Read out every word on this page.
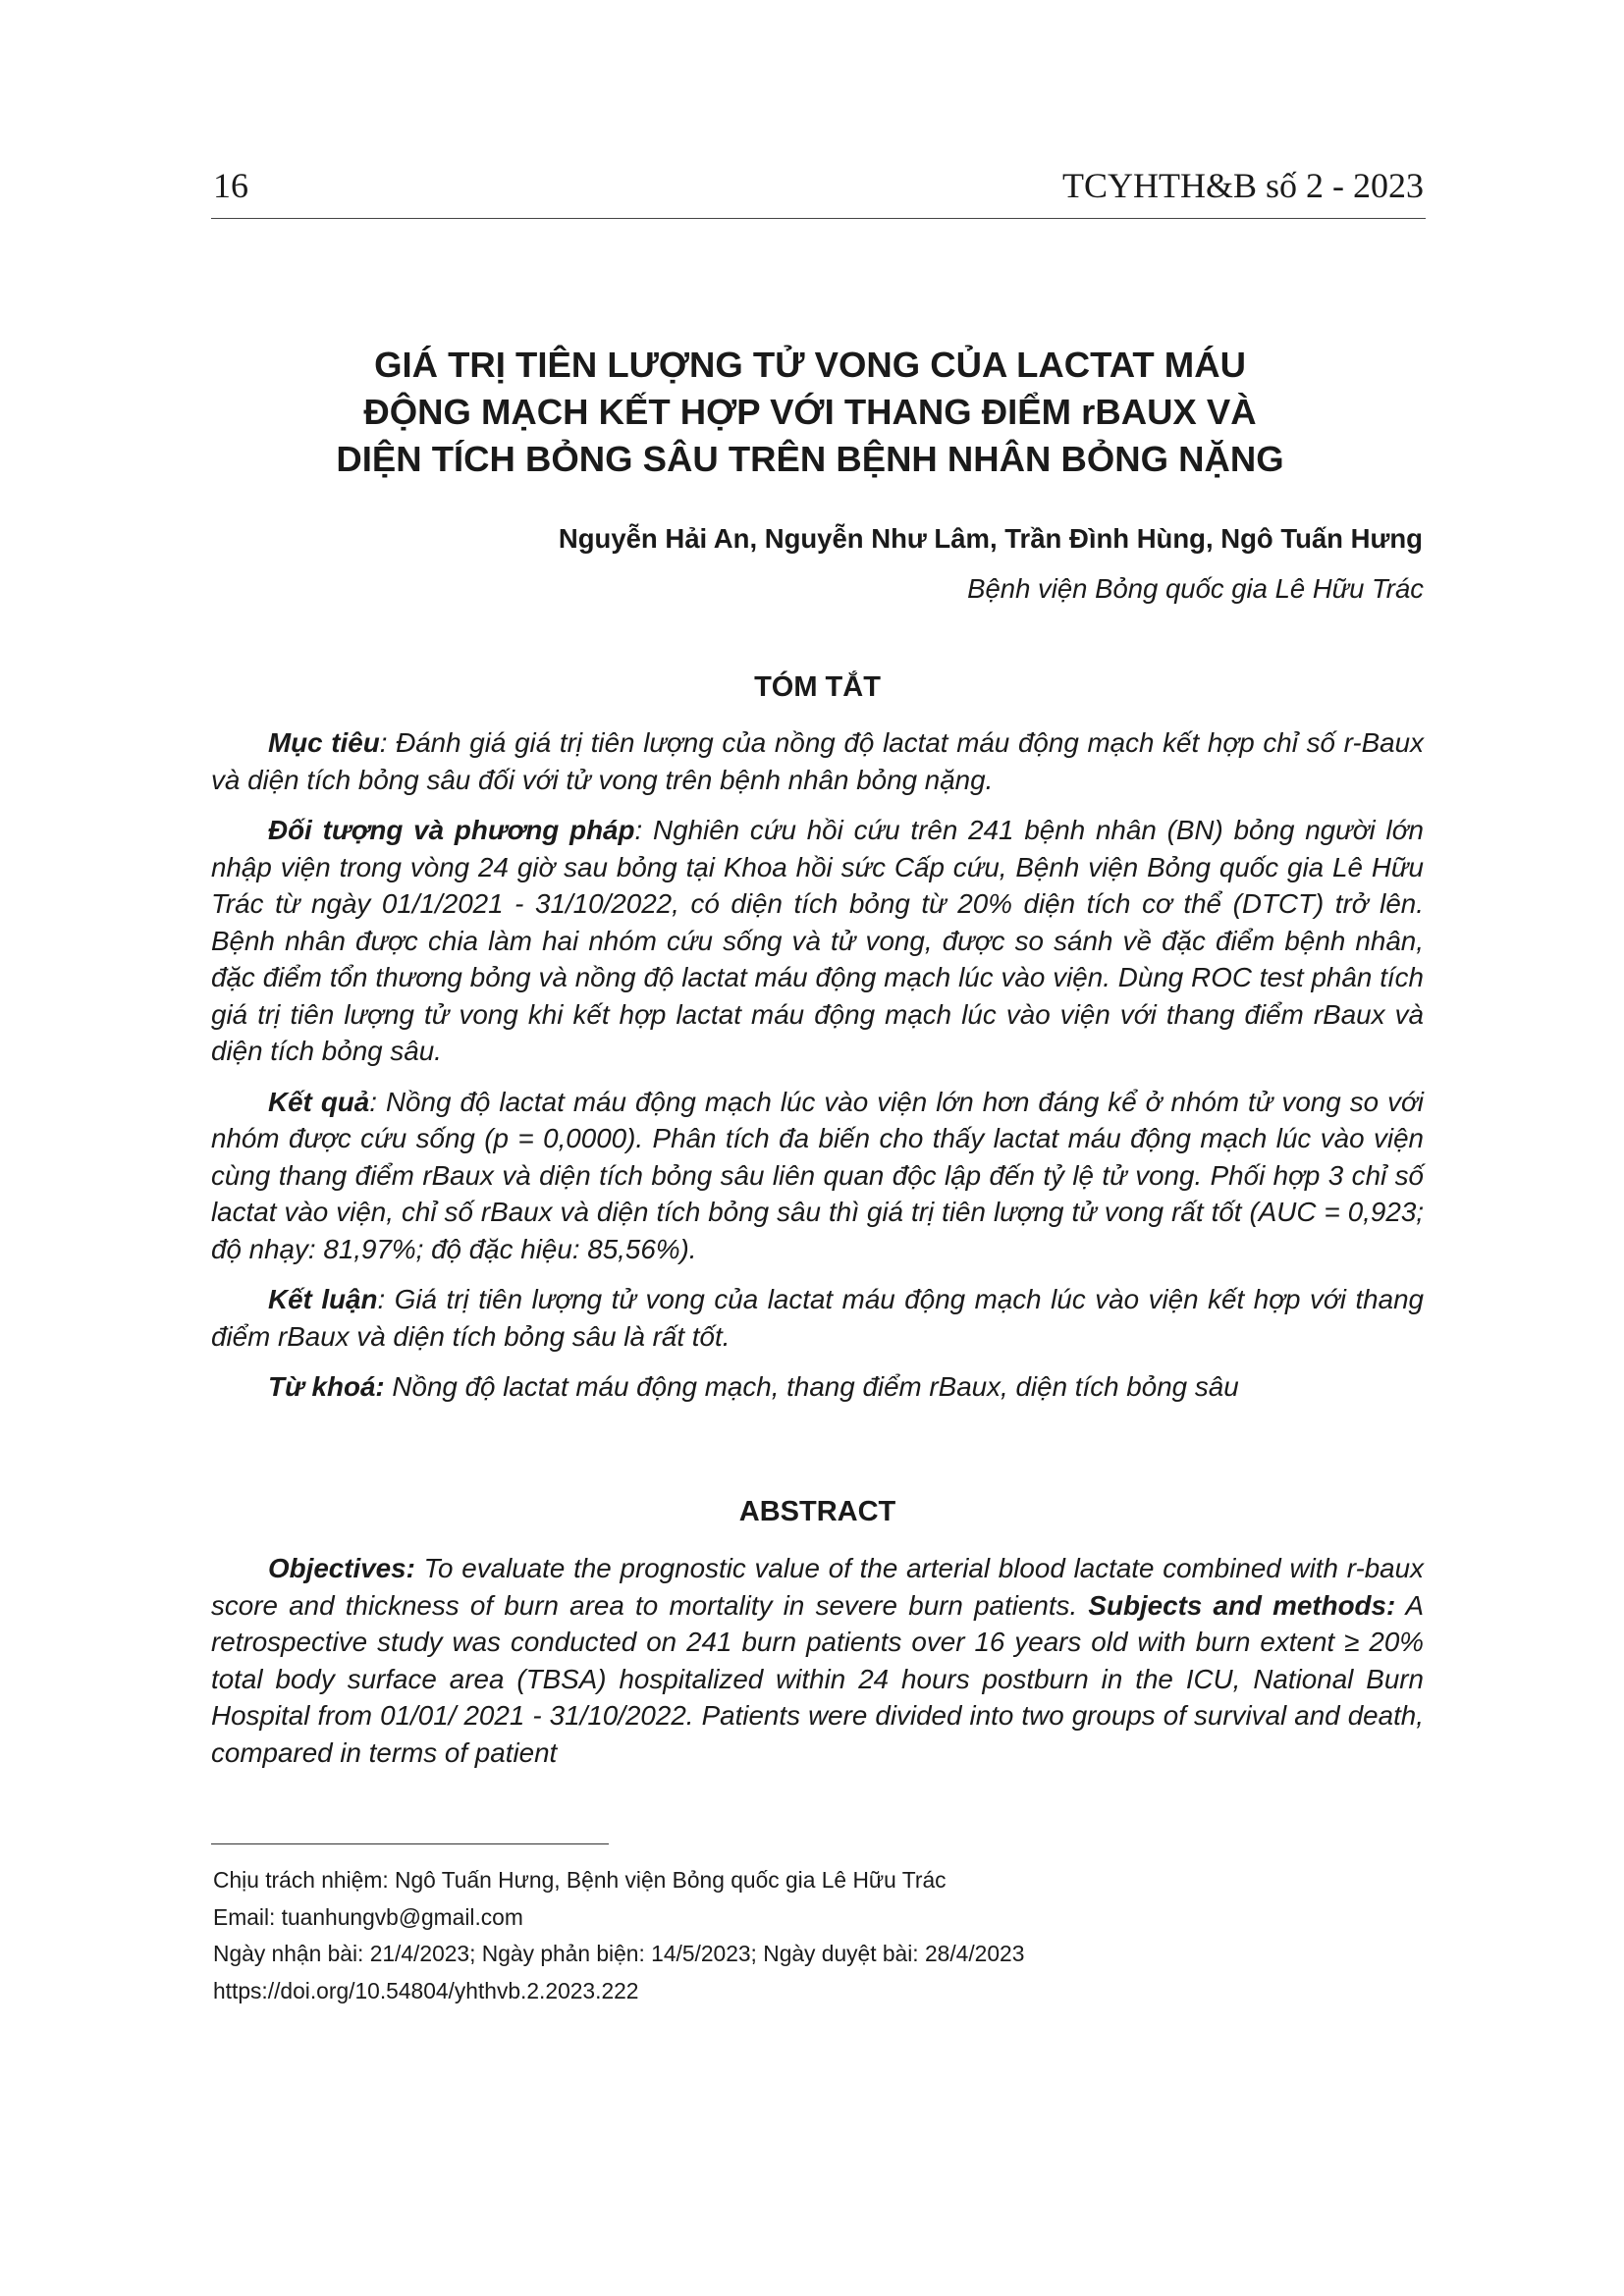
16	TCYHTH&B số 2 - 2023
GIÁ TRỊ TIÊN LƯỢNG TỬ VONG CỦA LACTAT MÁU
ĐỘNG MẠCH KẾT HỢP VỚI THANG ĐIỂM rBAUX VÀ
DIỆN TÍCH BỎNG SÂU TRÊN BỆNH NHÂN BỎNG NẶNG
Nguyễn Hải An, Nguyễn Như Lâm, Trần Đình Hùng, Ngô Tuấn Hưng
Bệnh viện Bỏng quốc gia Lê Hữu Trác
TÓM TẮT

Mục tiêu: Đánh giá giá trị tiên lượng của nồng độ lactat máu động mạch kết hợp chỉ số r-Baux và diện tích bỏng sâu đối với tử vong trên bệnh nhân bỏng nặng.

Đối tượng và phương pháp: Nghiên cứu hồi cứu trên 241 bệnh nhân (BN) bỏng người lớn nhập viện trong vòng 24 giờ sau bỏng tại Khoa hồi sức Cấp cứu, Bệnh viện Bỏng quốc gia Lê Hữu Trác từ ngày 01/1/2021 - 31/10/2022, có diện tích bỏng từ 20% diện tích cơ thể (DTCT) trở lên. Bệnh nhân được chia làm hai nhóm cứu sống và tử vong, được so sánh về đặc điểm bệnh nhân, đặc điểm tổn thương bỏng và nồng độ lactat máu động mạch lúc vào viện. Dùng ROC test phân tích giá trị tiên lượng tử vong khi kết hợp lactat máu động mạch lúc vào viện với thang điểm rBaux và diện tích bỏng sâu.

Kết quả: Nồng độ lactat máu động mạch lúc vào viện lớn hơn đáng kể ở nhóm tử vong so với nhóm được cứu sống (p = 0,0000). Phân tích đa biến cho thấy lactat máu động mạch lúc vào viện cùng thang điểm rBaux và diện tích bỏng sâu liên quan độc lập đến tỷ lệ tử vong. Phối hợp 3 chỉ số lactat vào viện, chỉ số rBaux và diện tích bỏng sâu thì giá trị tiên lượng tử vong rất tốt (AUC = 0,923; độ nhạy: 81,97%; độ đặc hiệu: 85,56%).

Kết luận: Giá trị tiên lượng tử vong của lactat máu động mạch lúc vào viện kết hợp với thang điểm rBaux và diện tích bỏng sâu là rất tốt.

Từ khoá: Nồng độ lactat máu động mạch, thang điểm rBaux, diện tích bỏng sâu

ABSTRACT

Objectives: To evaluate the prognostic value of the arterial blood lactate combined with r-baux score and thickness of burn area to mortality in severe burn patients. Subjects and methods: A retrospective study was conducted on 241 burn patients over 16 years old with burn extent ≥ 20% total body surface area (TBSA) hospitalized within 24 hours postburn in the ICU, National Burn Hospital from 01/01/ 2021 - 31/10/2022. Patients were divided into two groups of survival and death, compared in terms of patient

Chịu trách nhiệm: Ngô Tuấn Hưng, Bệnh viện Bỏng quốc gia Lê Hữu Trác
Email: tuanhungvb@gmail.com
Ngày nhận bài: 21/4/2023; Ngày phản biện: 14/5/2023; Ngày duyệt bài: 28/4/2023
https://doi.org/10.54804/yhthvb.2.2023.222
